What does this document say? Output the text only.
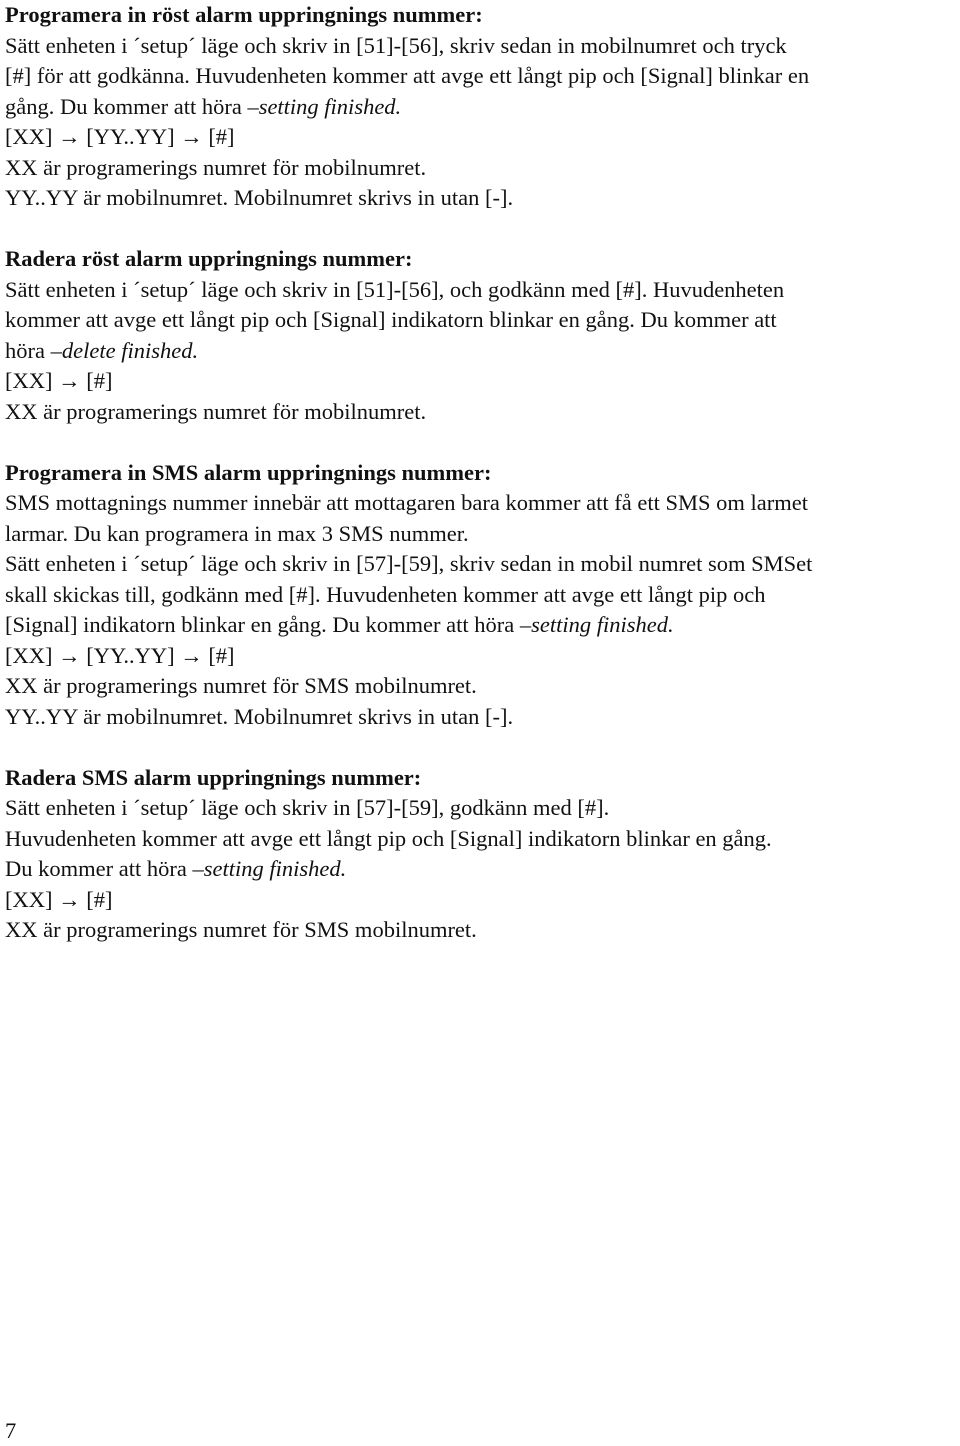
Programera in röst alarm uppringnings nummer:
Sätt enheten i ´setup´ läge och skriv in [51]-[56], skriv sedan in mobilnumret och tryck
[#] för att godkänna. Huvudenheten kommer att avge ett långt pip och [Signal] blinkar en
gång. Du kommer att höra –setting finished.
[XX] → [YY..YY] → [#]
XX är programerings numret för mobilnumret.
YY..YY är mobilnumret. Mobilnumret skrivs in utan [-].
Radera röst alarm uppringnings nummer:
Sätt enheten i ´setup´ läge och skriv in [51]-[56], och godkänn med [#]. Huvudenheten
kommer att avge ett långt pip och [Signal] indikatorn blinkar en gång. Du kommer att
höra –delete finished.
[XX] → [#]
XX är programerings numret för mobilnumret.
Programera in SMS alarm uppringnings nummer:
SMS mottagnings nummer innebär att mottagaren bara kommer att få ett SMS om larmet
larmar. Du kan programera in max 3 SMS nummer.
Sätt enheten i ´setup´ läge och skriv in [57]-[59], skriv sedan in mobil numret som SMSet
skall skickas till, godkänn med [#]. Huvudenheten kommer att avge ett långt pip och
[Signal] indikatorn blinkar en gång. Du kommer att höra –setting finished.
[XX] → [YY..YY] → [#]
XX är programerings numret för SMS mobilnumret.
YY..YY är mobilnumret. Mobilnumret skrivs in utan [-].
Radera SMS alarm uppringnings nummer:
Sätt enheten i ´setup´ läge och skriv in [57]-[59], godkänn med [#].
Huvudenheten kommer att avge ett långt pip och [Signal] indikatorn blinkar en gång.
Du kommer att höra –setting finished.
[XX] → [#]
XX är programerings numret för SMS mobilnumret.
7
